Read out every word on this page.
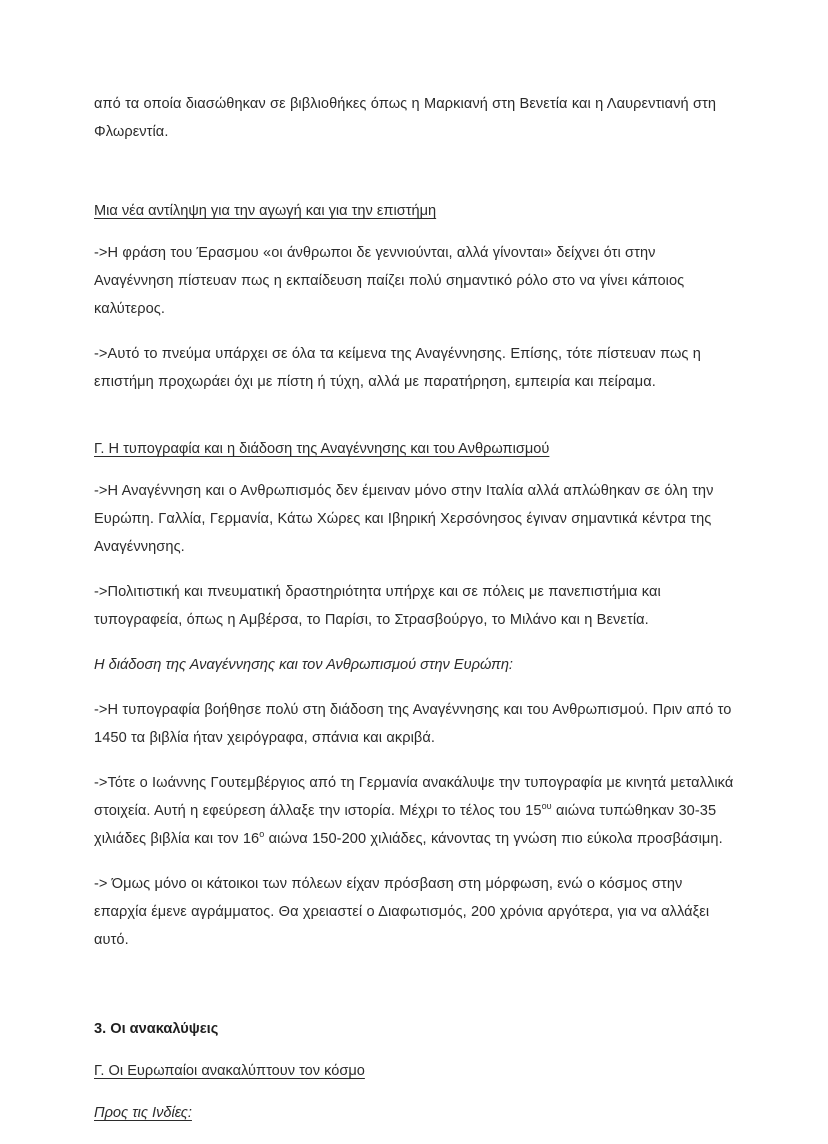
από τα οποία διασώθηκαν σε βιβλιοθήκες όπως η Μαρκιανή στη Βενετία και η Λαυρεντιανή στη Φλωρεντία.

Μια νέα αντίληψη για την αγωγή και για την επιστήμη

->Η φράση του Έρασμου «οι άνθρωποι δε γεννιούνται, αλλά γίνονται» δείχνει ότι στην Αναγέννηση πίστευαν πως η εκπαίδευση παίζει πολύ σημαντικό ρόλο στο να γίνει κάποιος καλύτερος.

->Αυτό το πνεύμα υπάρχει σε όλα τα κείμενα της Αναγέννησης. Επίσης, τότε πίστευαν πως η επιστήμη προχωράει όχι με πίστη ή τύχη, αλλά με παρατήρηση, εμπειρία και πείραμα.

Γ. Η τυπογραφία και η διάδοση της Αναγέννησης και του Ανθρωπισμού

->Η Αναγέννηση και ο Ανθρωπισμός δεν έμειναν μόνο στην Ιταλία αλλά απλώθηκαν σε όλη την Ευρώπη. Γαλλία, Γερμανία, Κάτω Χώρες και Ιβηρική Χερσόνησος έγιναν σημαντικά κέντρα της Αναγέννησης.

->Πολιτιστική και πνευματική δραστηριότητα υπήρχε και σε πόλεις με πανεπιστήμια και τυπογραφεία, όπως η Αμβέρσα, το Παρίσι, το Στρασβούργο, το Μιλάνο και η Βενετία.

Η διάδοση της Αναγέννησης και τον Ανθρωπισμού στην Ευρώπη:

->Η τυπογραφία βοήθησε πολύ στη διάδοση της Αναγέννησης και του Ανθρωπισμού. Πριν από το 1450 τα βιβλία ήταν χειρόγραφα, σπάνια και ακριβά.

->Τότε ο Ιωάννης Γουτεμβέργιος από τη Γερμανία ανακάλυψε την τυπογραφία με κινητά μεταλλικά στοιχεία. Αυτή η εφεύρεση άλλαξε την ιστορία. Μέχρι το τέλος του $15^{o\upsilon}$ αιώνα τυπώθηκαν 30-35 χιλιάδες βιβλία και τον $16^o$ αιώνα 150-200 χιλιάδες, κάνοντας τη γνώση πιο εύκολα προσβάσιμη.

-> Όμως μόνο οι κάτοικοι των πόλεων είχαν πρόσβαση στη μόρφωση, ενώ ο κόσμος στην επαρχία έμενε αγράμματος. Θα χρειαστεί ο Διαφωτισμός, 200 χρόνια αργότερα, για να αλλάξει αυτό.

3. Οι ανακαλύψεις

Γ. Οι Ευρωπαίοι ανακαλύπτουν τον κόσμο

Προς τις Ινδίες:
